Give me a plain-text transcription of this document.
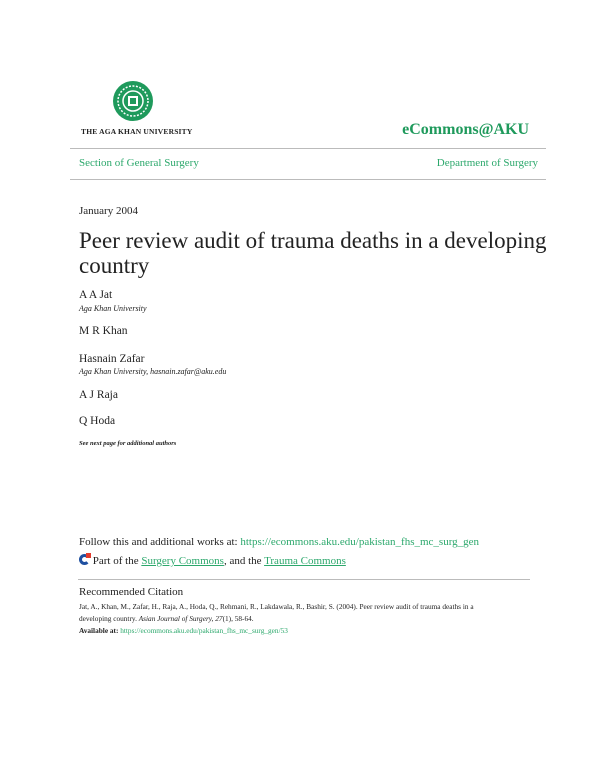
THE AGA KHAN UNIVERSITY	eCommons@AKU
Section of General Surgery	Department of Surgery
January 2004
Peer review audit of trauma deaths in a developing
country
A A Jat
Aga Khan University
M R Khan
Hasnain Zafar
Aga Khan University, hasnain.zafar@aku.edu
A J Raja
Q Hoda
See next page for additional authors
Follow this and additional works at: https://ecommons.aku.edu/pakistan_fhs_mc_surg_gen
Part of the Surgery Commons, and the Trauma Commons
Recommended Citation
Jat, A., Khan, M., Zafar, H., Raja, A., Hoda, Q., Rehmani, R., Lakdawala, R., Bashir, S. (2004). Peer review audit of trauma deaths in a
developing country. Asian Journal of Surgery, 27(1), 58-64.
Available at: https://ecommons.aku.edu/pakistan_fhs_mc_surg_gen/53
